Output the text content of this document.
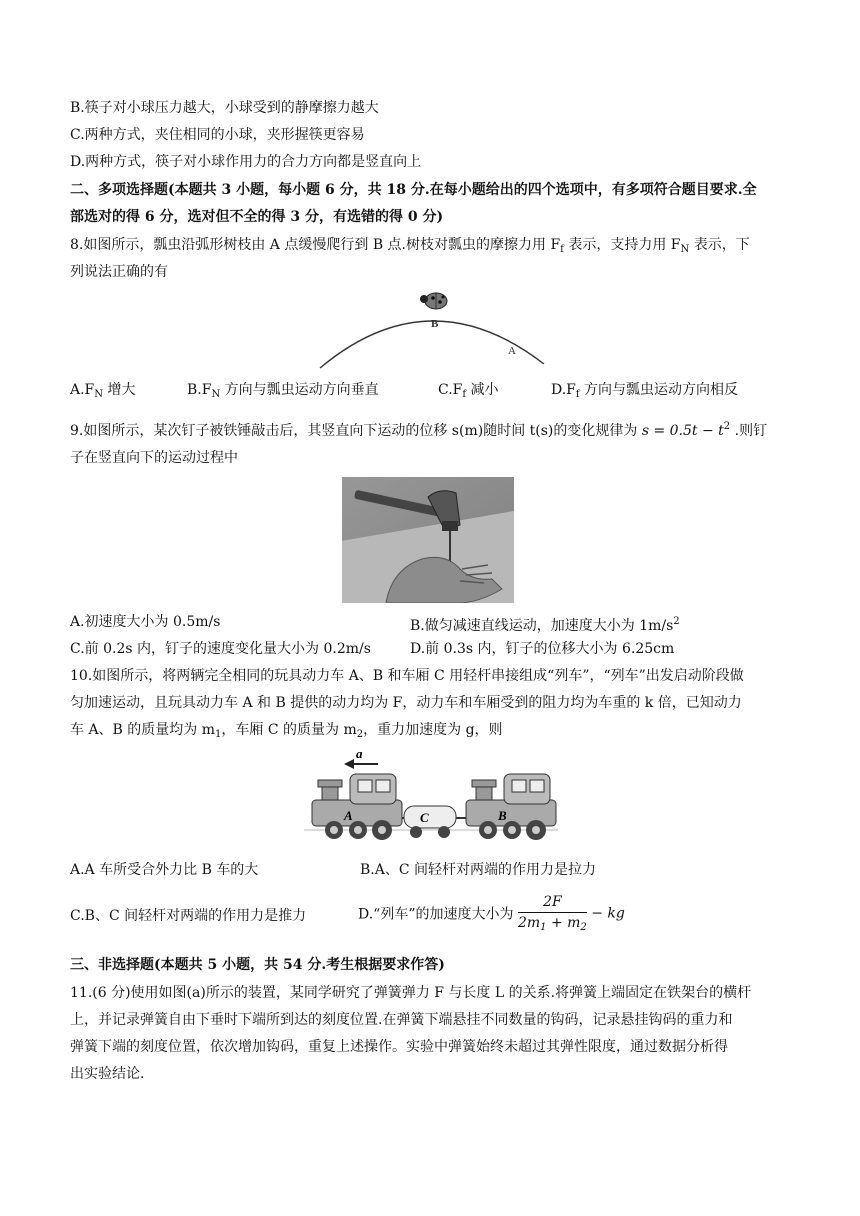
B.筷子对小球压力越大，小球受到的静摩擦力越大
C.两种方式，夹住相同的小球，夹形握筷更容易
D.两种方式，筷子对小球作用力的合力方向都是竖直向上
二、多项选择题(本题共 3 小题，每小题 6 分，共 18 分.在每小题给出的四个选项中，有多项符合题目要求.全
部选对的得 6 分，选对但不全的得 3 分，有选错的得 0 分)
8.如图所示，瓢虫沿弧形树枝由 A 点缓慢爬行到 B 点.树枝对瓢虫的摩擦力用 $F_f$ 表示，支持力用 $F_N$ 表示，下
列说法正确的有
B
A
$A.F_N$ 增大	$B.F_N$ 方向与瓢虫运动方向垂直	$C.F_f$ 减小	$D.F_f$ 方向与瓢虫运动方向相反
9.如图所示，某次钉子被铁锤敲击后，其竖直向下运动的位移 s(m)随时间 t(s)的变化规律为 $s = 0.5t - t^2$ .则钉
子在竖直向下的运动过程中
A.初速度大小为 0.5m/s	B.做匀减速直线运动，加速度大小为 $1m/s^2$
C.前 0.2s 内，钉子的速度变化量大小为 0.2m/s	D.前 0.3s 内，钉子的位移大小为 6.25cm
10.如图所示，将两辆完全相同的玩具动力车 A、B 和车厢 C 用轻杆串接组成“列车”，“列车”出发启动阶段做
匀加速运动，且玩具动力车 A 和 B 提供的动力均为 F，动力车和车厢受到的阻力均为车重的 k 倍，已知动力
车 A、B 的质量均为 $m_1$，车厢 C 的质量为 $m_2$，重力加速度为 g，则
a
A	C	B
A.A 车所受合外力比 B 车的大	B.A、C 间轻杆对两端的作用力是拉力
C.B、C 间轻杆对两端的作用力是推力	D.“列车”的加速度大小为 $\frac{2F}{2m_1 + m_2}$ − kg
三、非选择题(本题共 5 小题，共 54 分.考生根据要求作答)
11.(6 分)使用如图(a)所示的装置，某同学研究了弹簧弹力 F 与长度 L 的关系.将弹簧上端固定在铁架台的横杆
上，并记录弹簧自由下垂时下端所到达的刻度位置.在弹簧下端悬挂不同数量的钩码，记录悬挂钩码的重力和
弹簧下端的刻度位置，依次增加钩码，重复上述操作。实验中弹簧始终未超过其弹性限度，通过数据分析得
出实验结论.
